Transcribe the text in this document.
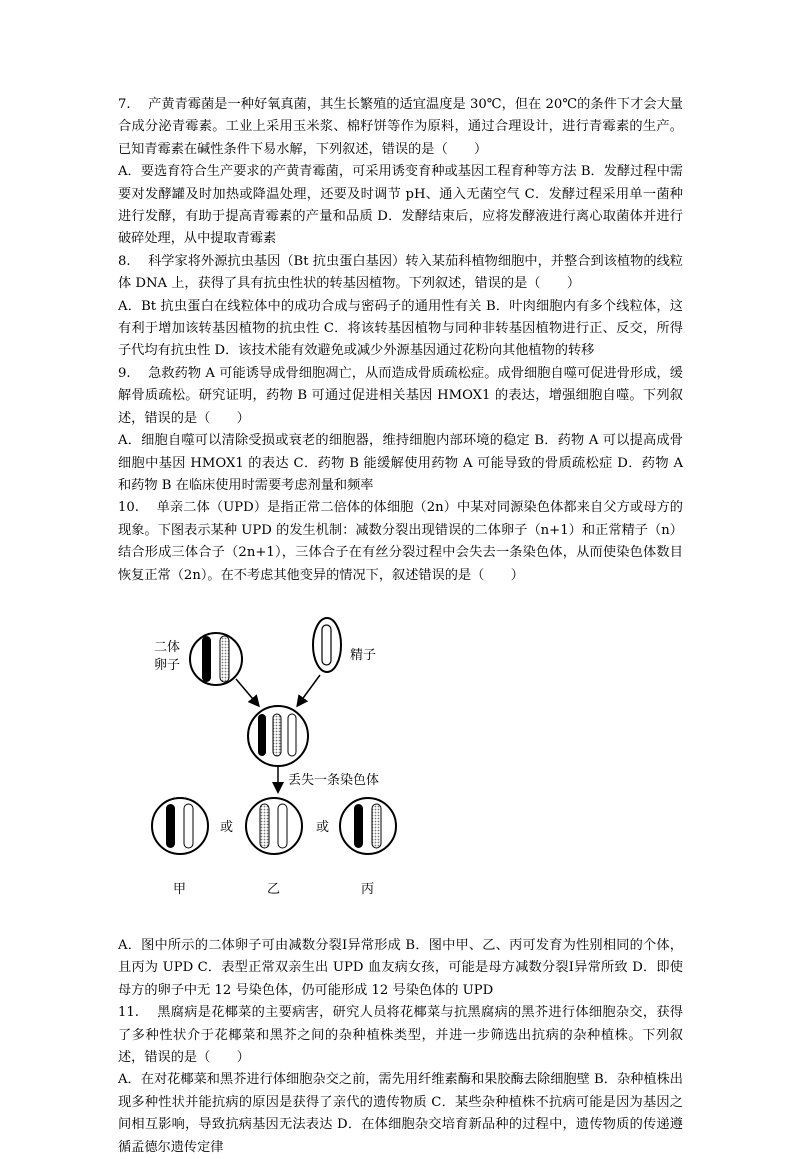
7.　 产黄青霉菌是一种好氧真菌，其生长繁殖的适宜温度是 30℃，但在 20℃的条件下才会大量合成分泌青霉素。工业上采用玉米浆、棉籽饼等作为原料，通过合理设计，进行青霉素的生产。已知青霉素在碱性条件下易水解，下列叙述，错误的是（　　）

A．要选育符合生产要求的产黄青霉菌，可采用诱变育种或基因工程育种等方法 B．发酵过程中需要对发酵罐及时加热或降温处理，还要及时调节 pH、通入无菌空气 C．发酵过程采用单一菌种进行发酵，有助于提高青霉素的产量和品质 D．发酵结束后，应将发酵液进行离心取菌体并进行破碎处理，从中提取青霉素

8.　 科学家将外源抗虫基因（Bt 抗虫蛋白基因）转入某茄科植物细胞中，并整合到该植物的线粒体 DNA 上，获得了具有抗虫性状的转基因植物。下列叙述，错误的是（　　）

A．Bt 抗虫蛋白在线粒体中的成功合成与密码子的通用性有关 B．叶肉细胞内有多个线粒体，这有利于增加该转基因植物的抗虫性 C．将该转基因植物与同种非转基因植物进行正、反交，所得子代均有抗虫性 D．该技术能有效避免或减少外源基因通过花粉向其他植物的转移

9.　 急救药物 A 可能诱导成骨细胞凋亡，从而造成骨质疏松症。成骨细胞自噬可促进骨形成，缓解骨质疏松。研究证明，药物 B 可通过促进相关基因 HMOX1 的表达，增强细胞自噬。下列叙述，错误的是（　　）

A．细胞自噬可以清除受损或衰老的细胞器，维持细胞内部环境的稳定 B．药物 A 可以提高成骨细胞中基因 HMOX1 的表达 C．药物 B 能缓解使用药物 A 可能导致的骨质疏松症 D．药物 A 和药物 B 在临床使用时需要考虑剂量和频率

10.　 单亲二体（UPD）是指正常二倍体的体细胞（2n）中某对同源染色体都来自父方或母方的现象。下图表示某种 UPD 的发生机制：减数分裂出现错误的二体卵子（n+1）和正常精子（n）结合形成三体合子（2n+1），三体合子在有丝分裂过程中会失去一条染色体，从而使染色体数目恢复正常（2n）。在不考虑其他变异的情况下，叙述错误的是（　　）

二体
卵子
精子
丢失一条染色体
或	或
甲	乙	丙

A．图中所示的二体卵子可由减数分裂Ⅰ异常形成 B．图中甲、乙、丙可发育为性别相同的个体，且丙为 UPD C．表型正常双亲生出 UPD 血友病女孩，可能是母方减数分裂Ⅰ异常所致 D．即使母方的卵子中无 12 号染色体，仍可能形成 12 号染色体的 UPD

11.　 黑腐病是花椰菜的主要病害，研究人员将花椰菜与抗黑腐病的黑芥进行体细胞杂交，获得了多种性状介于花椰菜和黑芥之间的杂种植株类型，并进一步筛选出抗病的杂种植株。下列叙述，错误的是（　　）

A．在对花椰菜和黑芥进行体细胞杂交之前，需先用纤维素酶和果胶酶去除细胞壁 B．杂种植株出现多种性状并能抗病的原因是获得了亲代的遗传物质 C．某些杂种植株不抗病可能是因为基因之间相互影响，导致抗病基因无法表达 D．在体细胞杂交培育新品种的过程中，遗传物质的传递遵循孟德尔遗传定律
